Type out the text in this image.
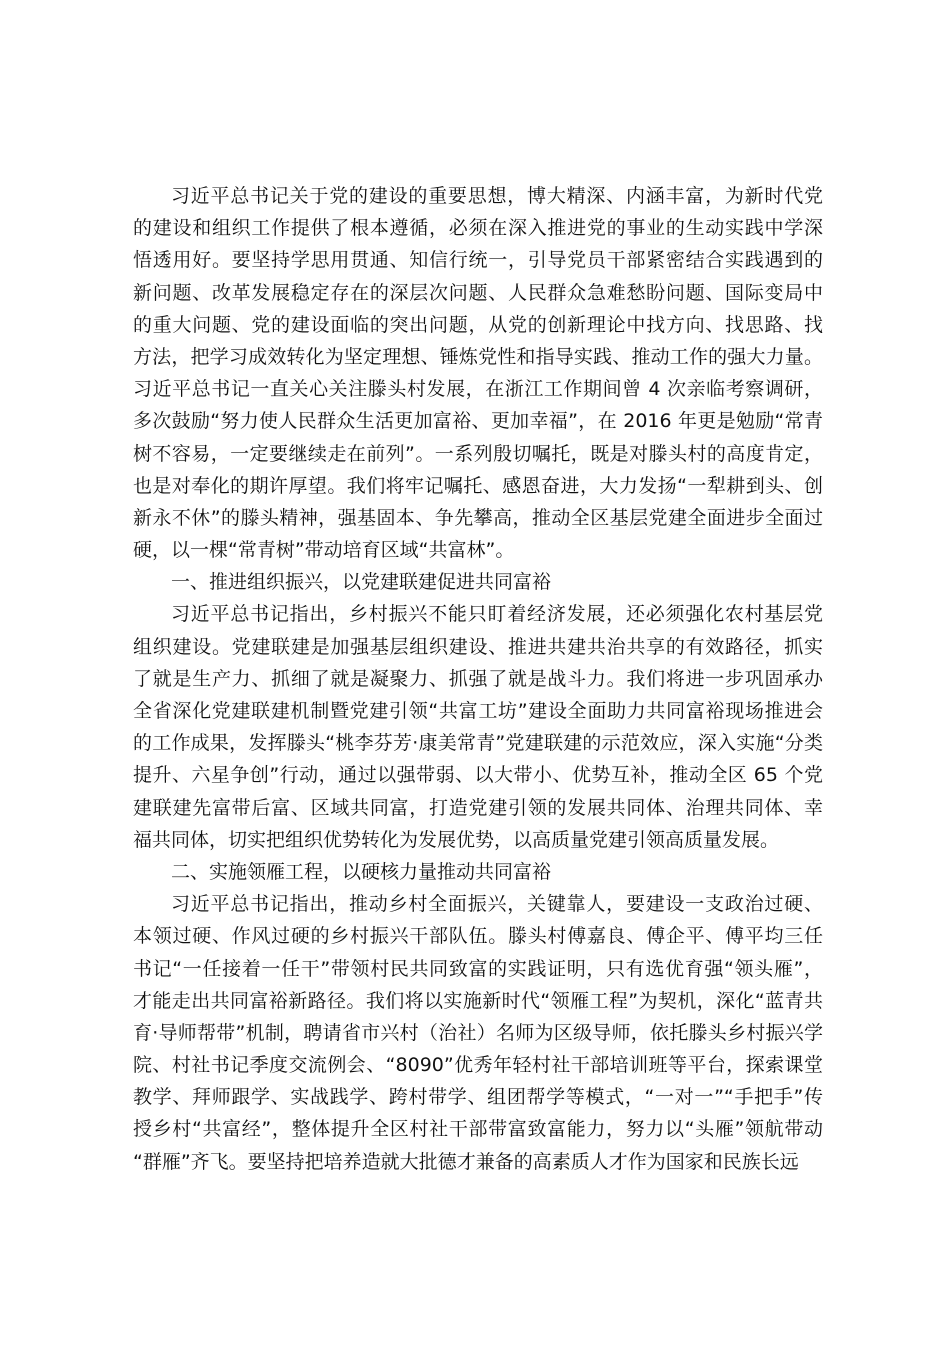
习近平总书记关于党的建设的重要思想，博大精深、内涵丰富，为新时代党
的建设和组织工作提供了根本遵循，必须在深入推进党的事业的生动实践中学深
悟透用好。要坚持学思用贯通、知信行统一，引导党员干部紧密结合实践遇到的
新问题、改革发展稳定存在的深层次问题、人民群众急难愁盼问题、国际变局中
的重大问题、党的建设面临的突出问题，从党的创新理论中找方向、找思路、找
方法，把学习成效转化为坚定理想、锤炼党性和指导实践、推动工作的强大力量。
习近平总书记一直关心关注滕头村发展，在浙江工作期间曾 4 次亲临考察调研，
多次鼓励“努力使人民群众生活更加富裕、更加幸福”，在 2016 年更是勉励“常青
树不容易，一定要继续走在前列”。一系列殷切嘱托，既是对滕头村的高度肯定，
也是对奉化的期许厚望。我们将牢记嘱托、感恩奋进，大力发扬“一犁耕到头、创
新永不休”的滕头精神，强基固本、争先攀高，推动全区基层党建全面进步全面过
硬，以一棵“常青树”带动培育区域“共富林”。
一、推进组织振兴，以党建联建促进共同富裕
习近平总书记指出，乡村振兴不能只盯着经济发展，还必须强化农村基层党
组织建设。党建联建是加强基层组织建设、推进共建共治共享的有效路径，抓实
了就是生产力、抓细了就是凝聚力、抓强了就是战斗力。我们将进一步巩固承办
全省深化党建联建机制暨党建引领“共富工坊”建设全面助力共同富裕现场推进会
的工作成果，发挥滕头“桃李芬芳·康美常青”党建联建的示范效应，深入实施“分类
提升、六星争创”行动，通过以强带弱、以大带小、优势互补，推动全区 65 个党
建联建先富带后富、区域共同富，打造党建引领的发展共同体、治理共同体、幸
福共同体，切实把组织优势转化为发展优势，以高质量党建引领高质量发展。
二、实施领雁工程，以硬核力量推动共同富裕
习近平总书记指出，推动乡村全面振兴，关键靠人，要建设一支政治过硬、
本领过硬、作风过硬的乡村振兴干部队伍。滕头村傅嘉良、傅企平、傅平均三任
书记“一任接着一任干”带领村民共同致富的实践证明，只有选优育强“领头雁”，
才能走出共同富裕新路径。我们将以实施新时代“领雁工程”为契机，深化“蓝青共
育·导师帮带”机制，聘请省市兴村（治社）名师为区级导师，依托滕头乡村振兴学
院、村社书记季度交流例会、“8090”优秀年轻村社干部培训班等平台，探索课堂
教学、拜师跟学、实战践学、跨村带学、组团帮学等模式，“一对一”“手把手”传
授乡村“共富经”，整体提升全区村社干部带富致富能力，努力以“头雁”领航带动
“群雁”齐飞。要坚持把培养造就大批德才兼备的高素质人才作为国家和民族长远
